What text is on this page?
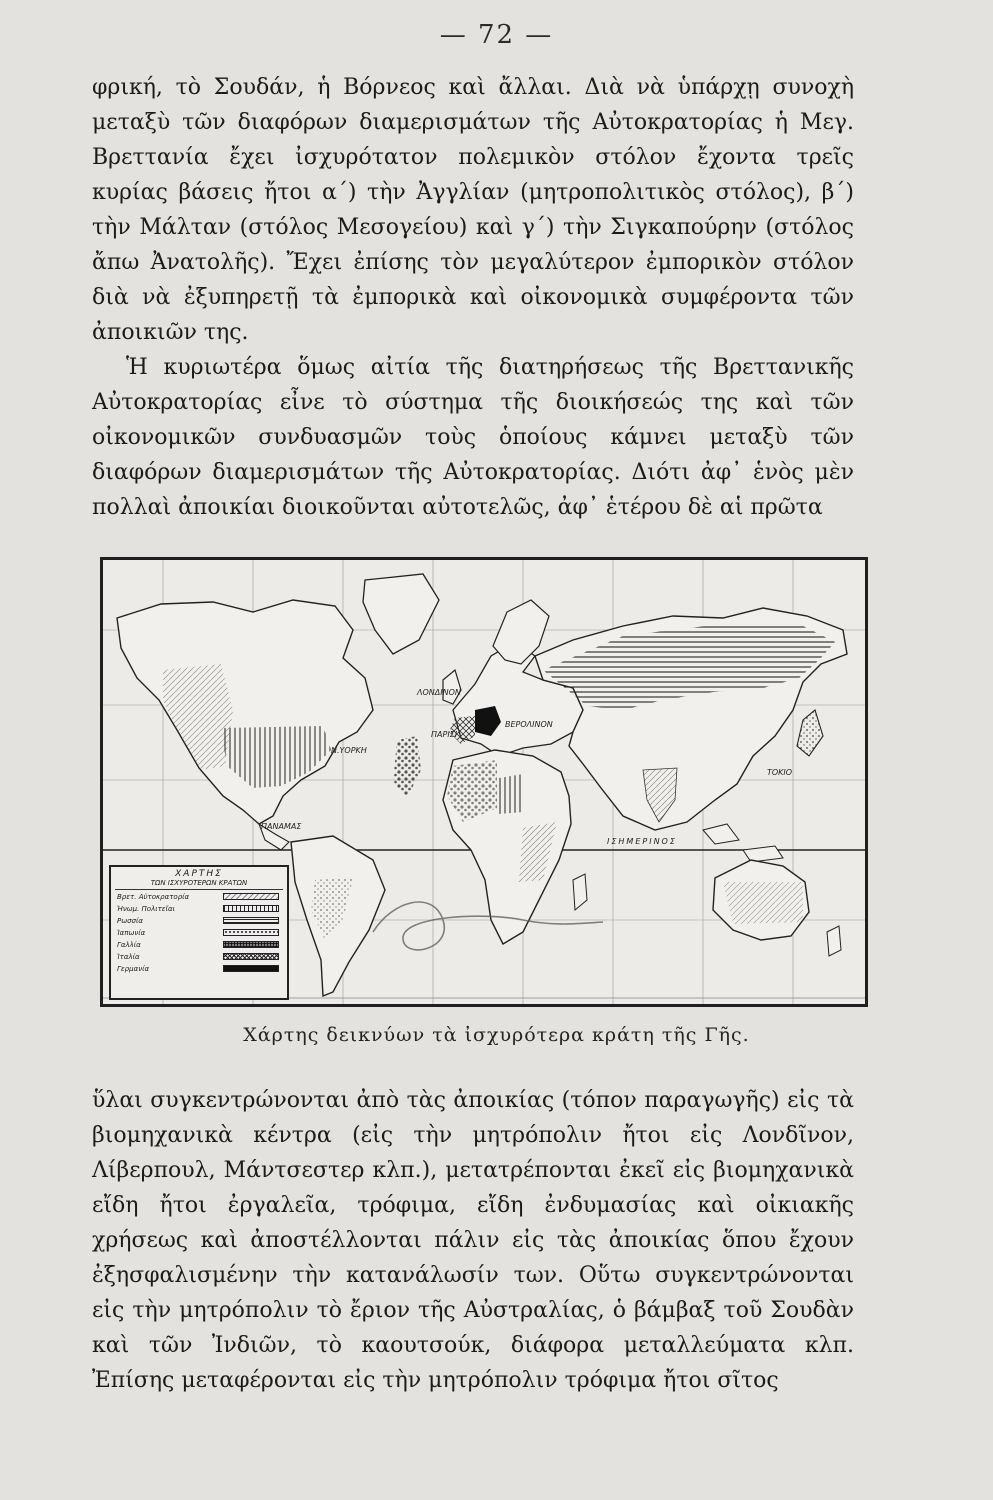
— 72 —

φρική, τὸ Σουδάν, ἡ Βόρνεος καὶ ἄλλαι. Διὰ νὰ ὑπάρχῃ συνοχὴ μεταξὺ τῶν διαφόρων διαμερισμάτων τῆς Αὐτοκρατορίας ἡ Μεγ. Βρεττανία ἔχει ἰσχυρότατον πολεμικὸν στόλον ἔχοντα τρεῖς κυρίας βάσεις ἤτοι α΄) τὴν Ἀγγλίαν (μητροπολιτικὸς στόλος), β΄) τὴν Μάλταν (στόλος Μεσογείου) καὶ γ΄) τὴν Σιγκαπούρην (στόλος ἄπω Ἀνατολῆς). Ἔχει ἐπίσης τὸν μεγαλύτερον ἐμπορικὸν στόλον διὰ νὰ ἐξυπηρετῇ τὰ ἐμπορικὰ καὶ οἰκονομικὰ συμφέροντα τῶν ἀποικιῶν της.

Ἡ κυριωτέρα ὅμως αἰτία τῆς διατηρήσεως τῆς Βρεττανικῆς Αὐτοκρατορίας εἶνε τὸ σύστημα τῆς διοικήσεώς της καὶ τῶν οἰκονομικῶν συνδυασμῶν τοὺς ὁποίους κάμνει μεταξὺ τῶν διαφόρων διαμερισμάτων τῆς Αὐτοκρατορίας. Διότι ἀφ᾽ ἑνὸς μὲν πολλαὶ ἀποικίαι διοικοῦνται αὐτοτελῶς, ἀφ᾽ ἑτέρου δὲ αἱ πρῶτα

ΛΟΝΔΙΝΟΝ
ΠΑΡΙΣΙ
ΒΕΡΟΛΙΝΟΝ
Ν.ΥΟΡΚΗ
ΠΑΝΑΜΑΣ
ΤΟΚΙΟ
ΙΣΗΜΕΡΙΝΟΣ
ΧΑΡΤΗΣ
ΤΩΝ ΙΣΧΥΡΟΤΕΡΩΝ ΚΡΑΤΩΝ
Βρετ. Αὐτοκρατορία
Ἡνωμ. Πολιτεῖαι
Ρωσσία
Ἰαπωνία
Γαλλία
Ἰταλία
Γερμανία
Χάρτης δεικνύων τὰ ἰσχυρότερα κράτη τῆς Γῆς.

ὕλαι συγκεντρώνονται ἀπὸ τὰς ἀποικίας (τόπον παραγωγῆς) εἰς τὰ βιομηχανικὰ κέντρα (εἰς τὴν μητρόπολιν ἤτοι εἰς Λονδῖνον, Λίβερπουλ, Μάντσεστερ κλπ.), μετατρέπονται ἐκεῖ εἰς βιομηχανικὰ εἴδη ἤτοι ἐργαλεῖα, τρόφιμα, εἴδη ἐνδυμασίας καὶ οἰκιακῆς χρήσεως καὶ ἀποστέλλονται πάλιν εἰς τὰς ἀποικίας ὅπου ἔχουν ἐξησφαλισμένην τὴν κατανάλωσίν των. Οὕτω συγκεντρώνονται εἰς τὴν μητρόπολιν τὸ ἔριον τῆς Αὐστραλίας, ὁ βάμβαξ τοῦ Σουδὰν καὶ τῶν Ἰνδιῶν, τὸ καουτσούκ, διάφορα μεταλλεύματα κλπ. Ἐπίσης μεταφέρονται εἰς τὴν μητρόπολιν τρόφιμα ἤτοι σῖτος
